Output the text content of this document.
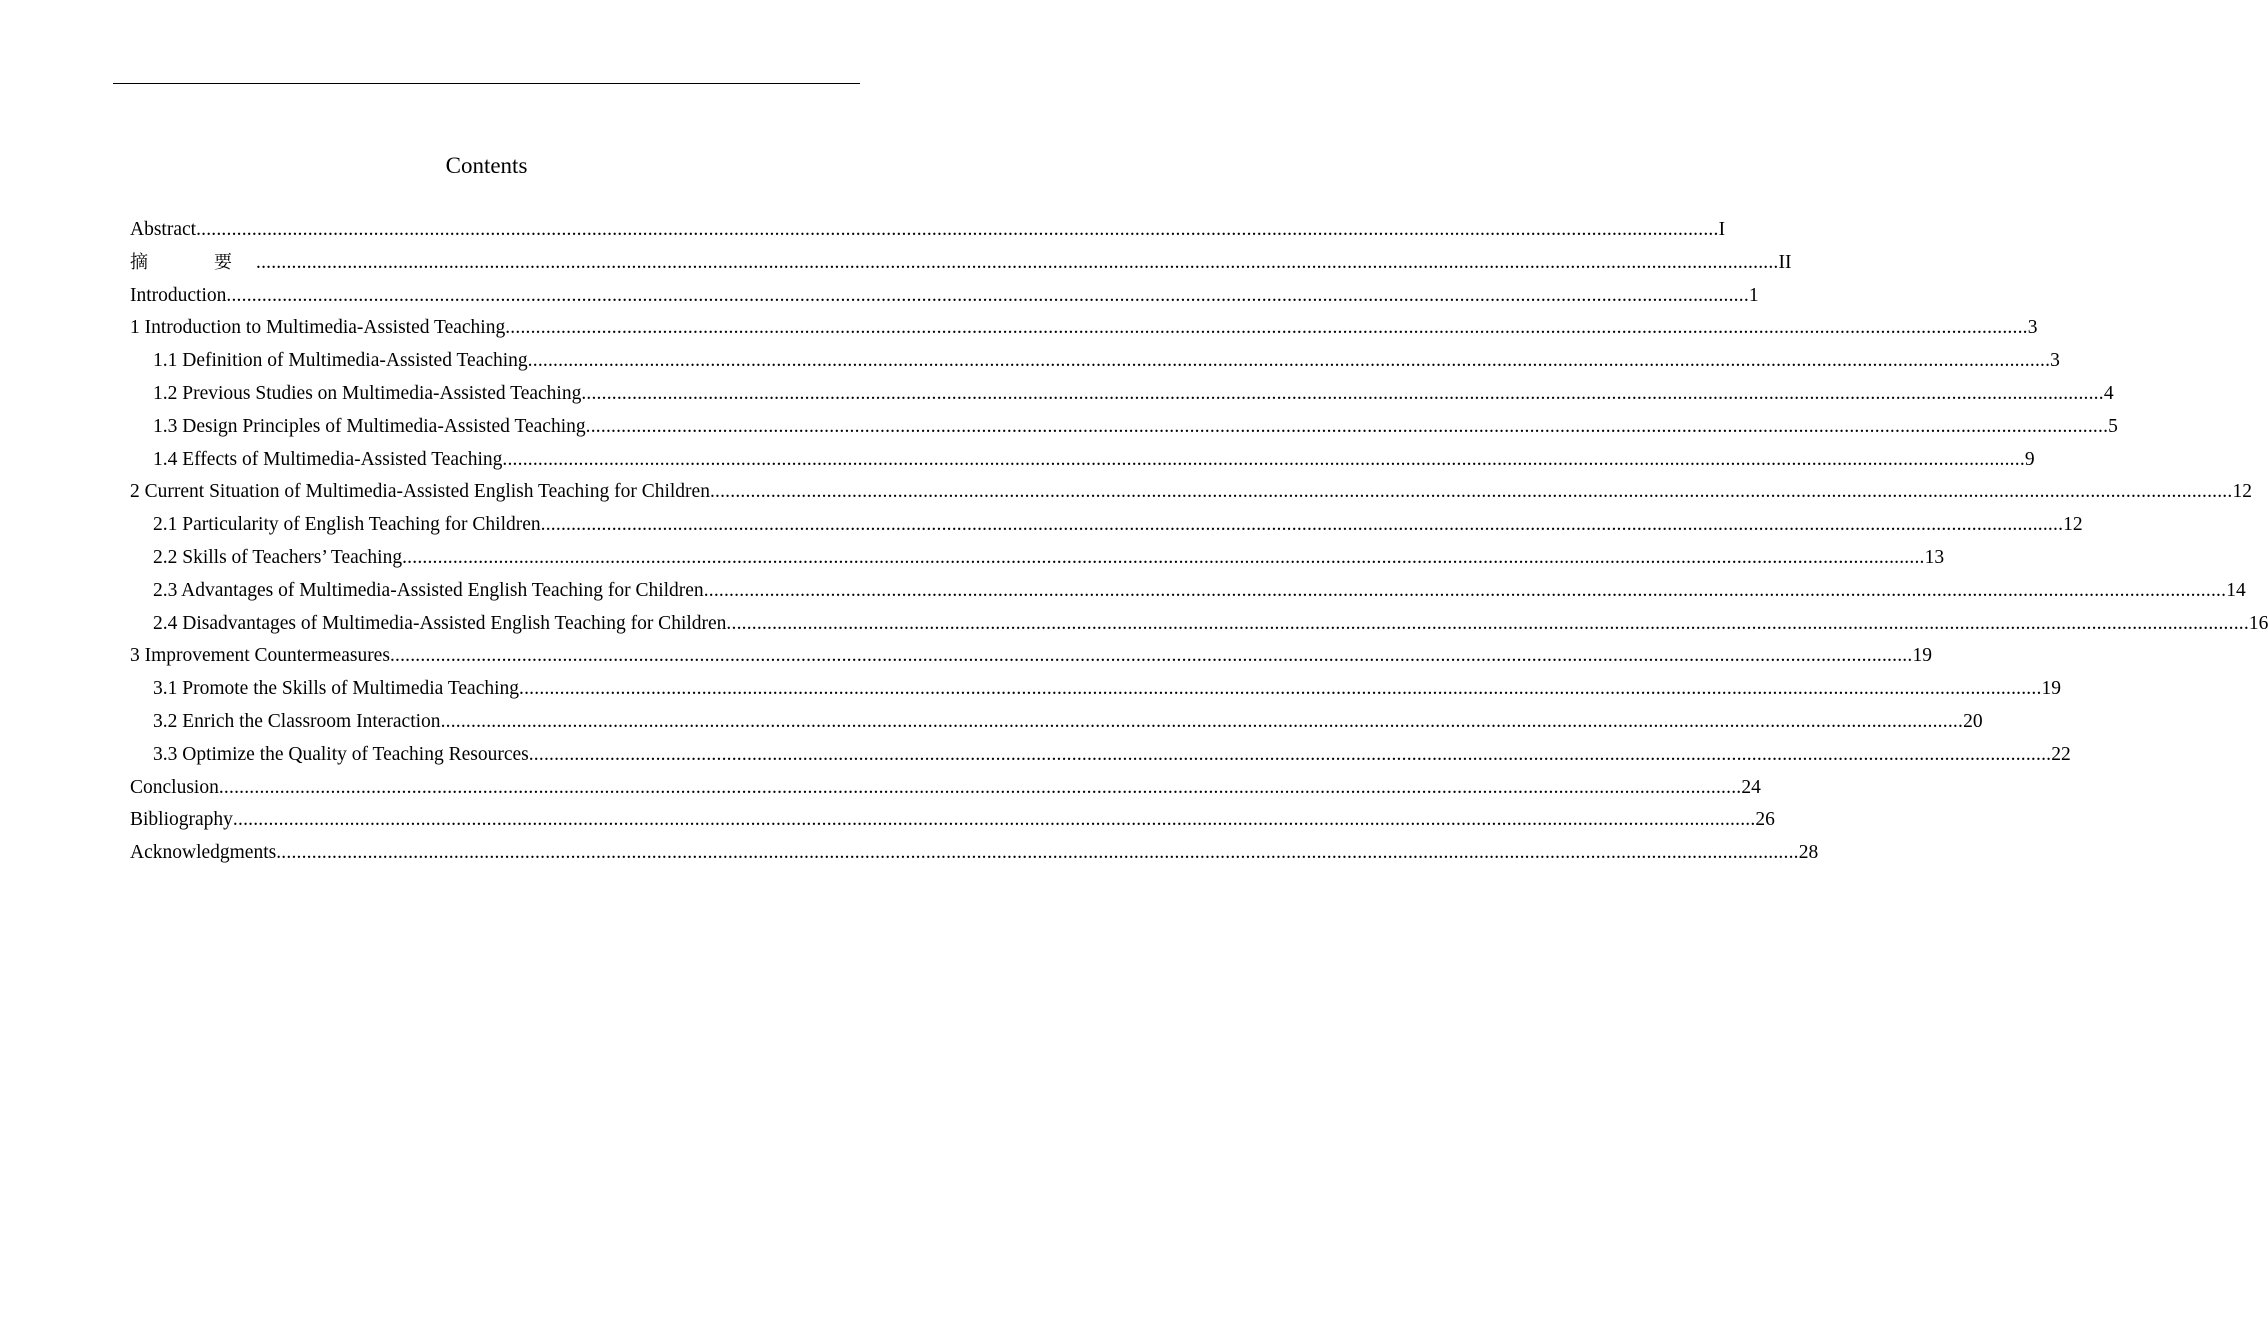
Contents
Abstract ............................................................................................................................................................................................................................................................................................................ I
摘　要 ............................................................................................................................................................................................................................................................................................................ II
Introduction ............................................................................................................................................................................................................................................................................................................ 1
1 Introduction to Multimedia-Assisted Teaching ............................................................................................................................................................................................................................................................................................................ 3
1.1 Definition of Multimedia-Assisted Teaching ............................................................................................................................................................................................................................................................................................................ 3
1.2 Previous Studies on Multimedia-Assisted Teaching ............................................................................................................................................................................................................................................................................................................ 4
1.3 Design Principles of Multimedia-Assisted Teaching ............................................................................................................................................................................................................................................................................................................ 5
1.4 Effects of Multimedia-Assisted Teaching ............................................................................................................................................................................................................................................................................................................ 9
2 Current Situation of Multimedia-Assisted English Teaching for Children ............................................................................................................................................................................................................................................................................................................ 12
2.1 Particularity of English Teaching for Children ............................................................................................................................................................................................................................................................................................................ 12
2.2 Skills of Teachers’ Teaching ............................................................................................................................................................................................................................................................................................................ 13
2.3 Advantages of Multimedia-Assisted English Teaching for Children ............................................................................................................................................................................................................................................................................................................ 14
2.4 Disadvantages of Multimedia-Assisted English Teaching for Children ............................................................................................................................................................................................................................................................................................................ 16
3 Improvement Countermeasures ............................................................................................................................................................................................................................................................................................................ 19
3.1 Promote the Skills of Multimedia Teaching ............................................................................................................................................................................................................................................................................................................ 19
3.2 Enrich the Classroom Interaction ............................................................................................................................................................................................................................................................................................................ 20
3.3 Optimize the Quality of Teaching Resources ............................................................................................................................................................................................................................................................................................................ 22
Conclusion ............................................................................................................................................................................................................................................................................................................ 24
Bibliography ............................................................................................................................................................................................................................................................................................................ 26
Acknowledgments ............................................................................................................................................................................................................................................................................................................ 28
